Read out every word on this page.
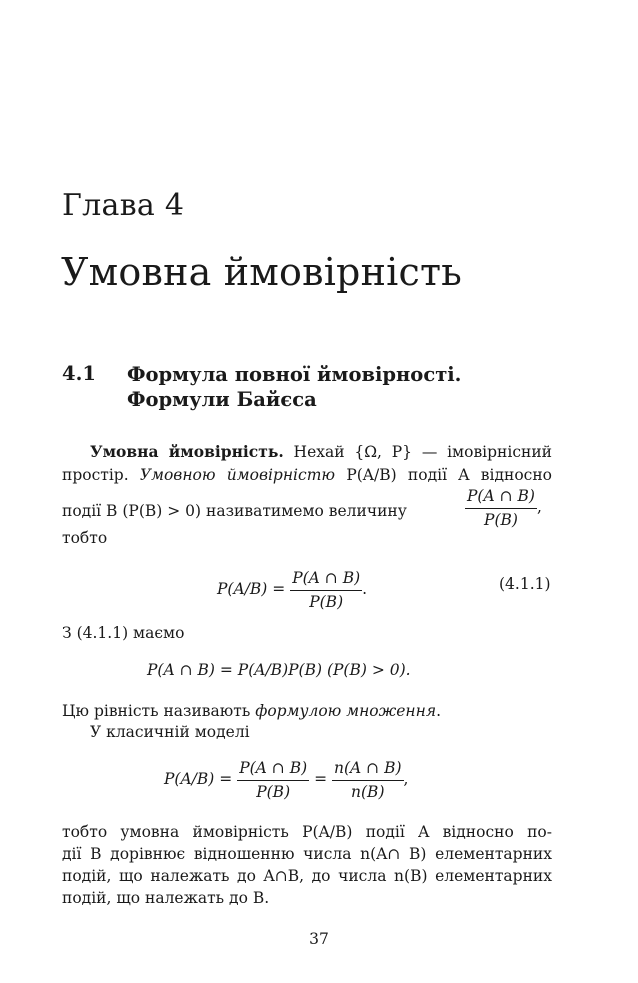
Глава 4
Умовна ймовірність
4.1 Формула повної ймовірності.
Формули Байєса
Умовна ймовірність. Нехай {Ω, P} — імовірнісний
простір. Умовною ймовірністю P(A/B) події A відносно
події B (P(B) > 0) називатимемо величину	$\frac{P(A \cap B)}{P(B)}$ ,
тобто
$P(A/B) = \frac{P(A \cap B)}{P(B)}$ .	(4.1.1)
З (4.1.1) маємо
P(A ∩ B) = P(A/B)P(B) (P(B) > 0).
Цю рівність називають формулою множення.
У класичній моделі
$P(A/B) = \frac{P(A \cap B)}{P(B)} = \frac{n(A \cap B)}{n(B)}$ ,
тобто умовна ймовірність P(A/B) події A відносно по-
дії B дорівнює відношенню числа n(A∩ B) елементарних
подій, що належать до A∩B, до числа n(B) елементарних
подій, що належать до B.
37
